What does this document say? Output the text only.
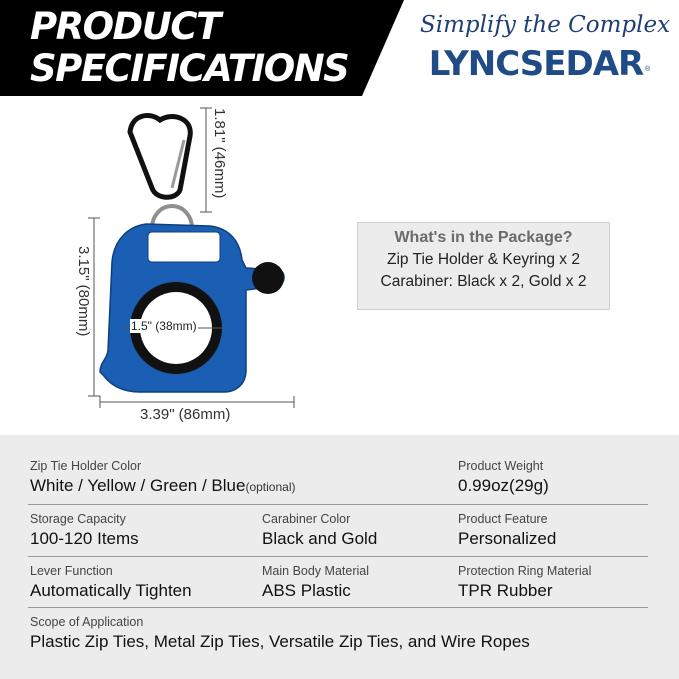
PRODUCT
SPECIFICATIONS
Simplify the Complex
LYNCSEDAR ®
1.81" (46mm)
3.15" (80mm)
3.39" (86mm)
1.5" (38mm)
What's in the Package?
Zip Tie Holder & Keyring x 2
Carabiner: Black x 2, Gold x 2
Zip Tie Holder Color
White / Yellow / Green / Blue(optional)
Product Weight
0.99oz(29g)
Storage Capacity
100-120 Items
Carabiner Color
Black and Gold
Product Feature
Personalized
Lever Function
Automatically Tighten
Main Body Material
ABS Plastic
Protection Ring Material
TPR Rubber
Scope of Application
Plastic Zip Ties, Metal Zip Ties, Versatile Zip Ties, and Wire Ropes
